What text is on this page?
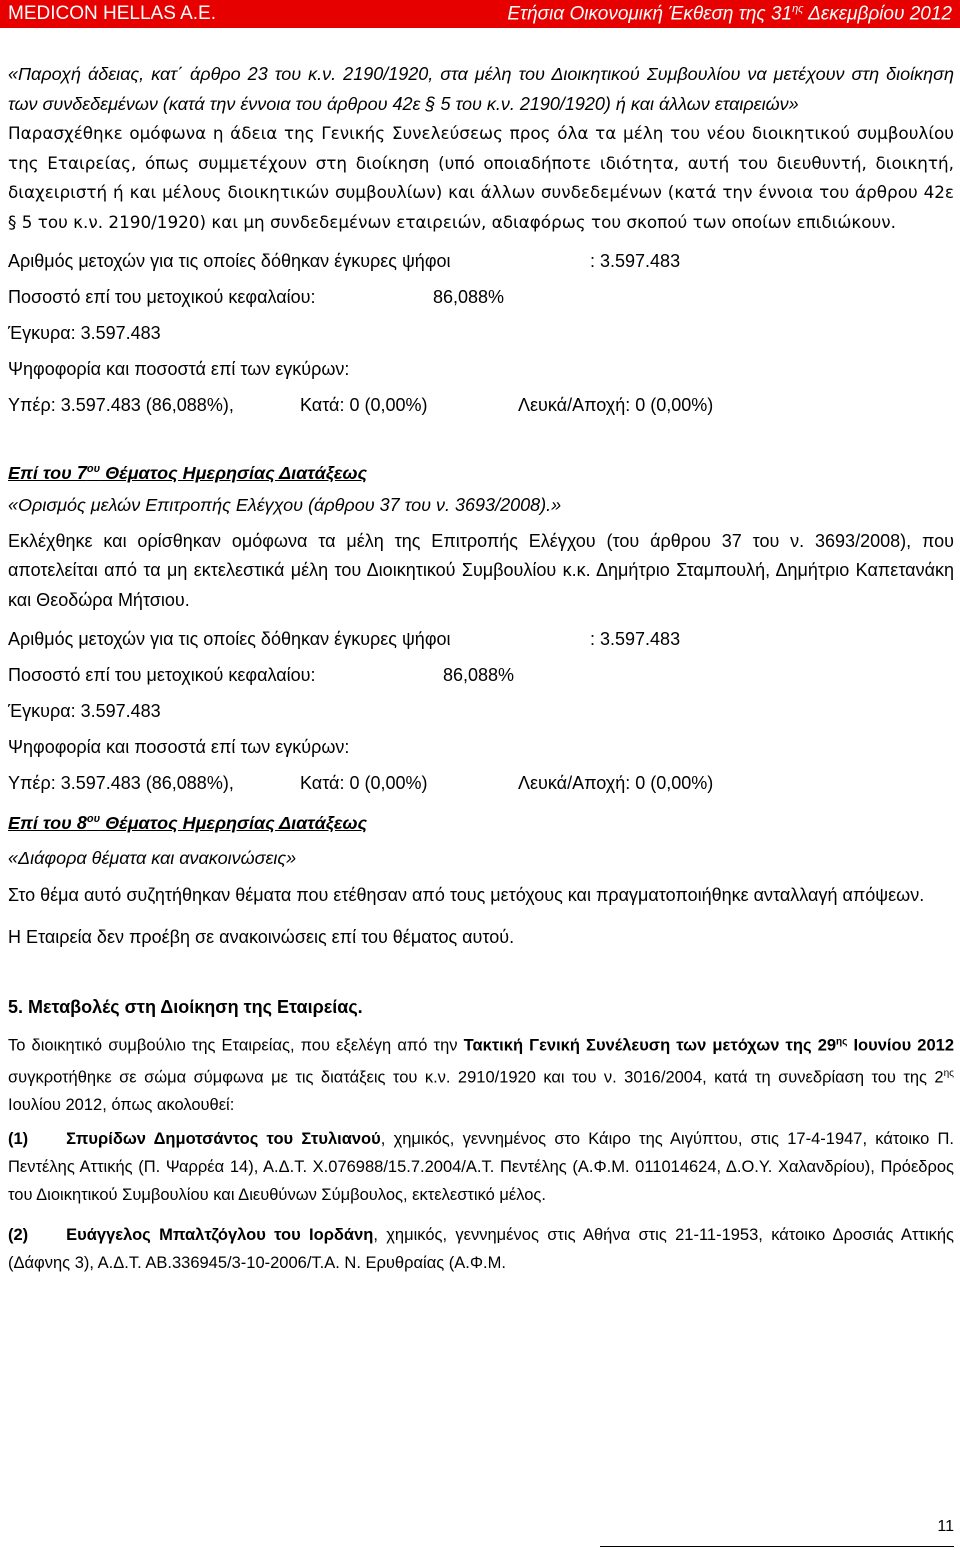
MEDICON HELLAS A.E.	Ετήσια Οικονομική Έκθεση της $31^{\eta\varsigma}$ Δεκεμβρίου 2012

«Παροχή άδειας, κατ΄ άρθρο 23 του κ.ν. 2190/1920, στα μέλη του Διοικητικού Συμβουλίου να μετέχουν στη διοίκηση των συνδεδεμένων (κατά την έννοια του άρθρου 42ε § 5 του κ.ν. 2190/1920) ή και άλλων εταιρειών»

Παρασχέθηκε ομόφωνα η άδεια της Γενικής Συνελεύσεως προς όλα τα μέλη του νέου διοικητικού συμβουλίου της Εταιρείας, όπως συμμετέχουν στη διοίκηση (υπό οποιαδήποτε ιδιότητα, αυτή του διευθυντή, διοικητή, διαχειριστή ή και μέλους διοικητικών συμβουλίων) και άλλων συνδεδεμένων (κατά την έννοια του άρθρου 42ε § 5 του κ.ν. 2190/1920) και μη συνδεδεμένων εταιρειών, αδιαφόρως του σκοπού των οποίων επιδιώκουν.

Αριθμός μετοχών για τις οποίες δόθηκαν έγκυρες ψήφοι	: 3.597.483
Ποσοστό επί του μετοχικού κεφαλαίου:	86,088%
Έγκυρα: 3.597.483
Ψηφοφορία και ποσοστά επί των εγκύρων:
Υπέρ: 3.597.483 (86,088%),	Κατά: 0 (0,00%)	Λευκά/Αποχή: 0 (0,00%)
Επί του $7^{o\upsilon}$ Θέματος Ημερησίας Διατάξεως

«Ορισμός μελών Επιτροπής Ελέγχου (άρθρου 37 του ν. 3693/2008).»

Εκλέχθηκε και ορίσθηκαν ομόφωνα τα μέλη της Επιτροπής Ελέγχου (του άρθρου 37 του ν. 3693/2008), που αποτελείται από τα μη εκτελεστικά μέλη του Διοικητικού Συμβουλίου κ.κ. Δημήτριο Σταμπουλή, Δημήτριο Καπετανάκη και Θεοδώρα Μήτσιου.

Αριθμός μετοχών για τις οποίες δόθηκαν έγκυρες ψήφοι	: 3.597.483
Ποσοστό επί του μετοχικού κεφαλαίου:	86,088%
Έγκυρα: 3.597.483
Ψηφοφορία και ποσοστά επί των εγκύρων:
Υπέρ: 3.597.483 (86,088%),	Κατά: 0 (0,00%)	Λευκά/Αποχή: 0 (0,00%)
Επί του $8^{o\upsilon}$ Θέματος Ημερησίας Διατάξεως

«Διάφορα θέματα και ανακοινώσεις»

Στο θέμα αυτό συζητήθηκαν θέματα που ετέθησαν από τους μετόχους και πραγματοποιήθηκε ανταλλαγή απόψεων.

Η Εταιρεία δεν προέβη σε ανακοινώσεις επί του θέματος αυτού.

5. Μεταβολές στη Διοίκηση της Εταιρείας.

Το διοικητικό συμβούλιο της Εταιρείας, που εξελέγη από την Τακτική Γενική Συνέλευση των μετόχων της $29^{\eta\varsigma}$ Ιουνίου 2012 συγκροτήθηκε σε σώμα σύμφωνα με τις διατάξεις του κ.ν. 2910/1920 και του ν. 3016/2004, κατά τη συνεδρίαση του της $2^{\eta\varsigma}$ Ιουλίου 2012, όπως ακολουθεί:

(1) Σπυρίδων Δημοτσάντος του Στυλιανού, χημικός, γεννημένος στο Κάιρο της Αιγύπτου, στις 17-4-1947, κάτοικο Π. Πεντέλης Αττικής (Π. Ψαρρέα 14), Α.Δ.Τ. Χ.076988/15.7.2004/Α.Τ. Πεντέλης (Α.Φ.Μ. 011014624, Δ.Ο.Υ. Χαλανδρίου), Πρόεδρος του Διοικητικού Συμβουλίου και Διευθύνων Σύμβουλος, εκτελεστικό μέλος.

(2) Ευάγγελος Μπαλτζόγλου του Ιορδάνη, χημικός, γεννημένος στις Αθήνα στις 21-11-1953, κάτοικο Δροσιάς Αττικής (Δάφνης 3), Α.Δ.Τ. ΑΒ.336945/3-10-2006/Τ.Α. Ν. Ερυθραίας (Α.Φ.Μ.

11
